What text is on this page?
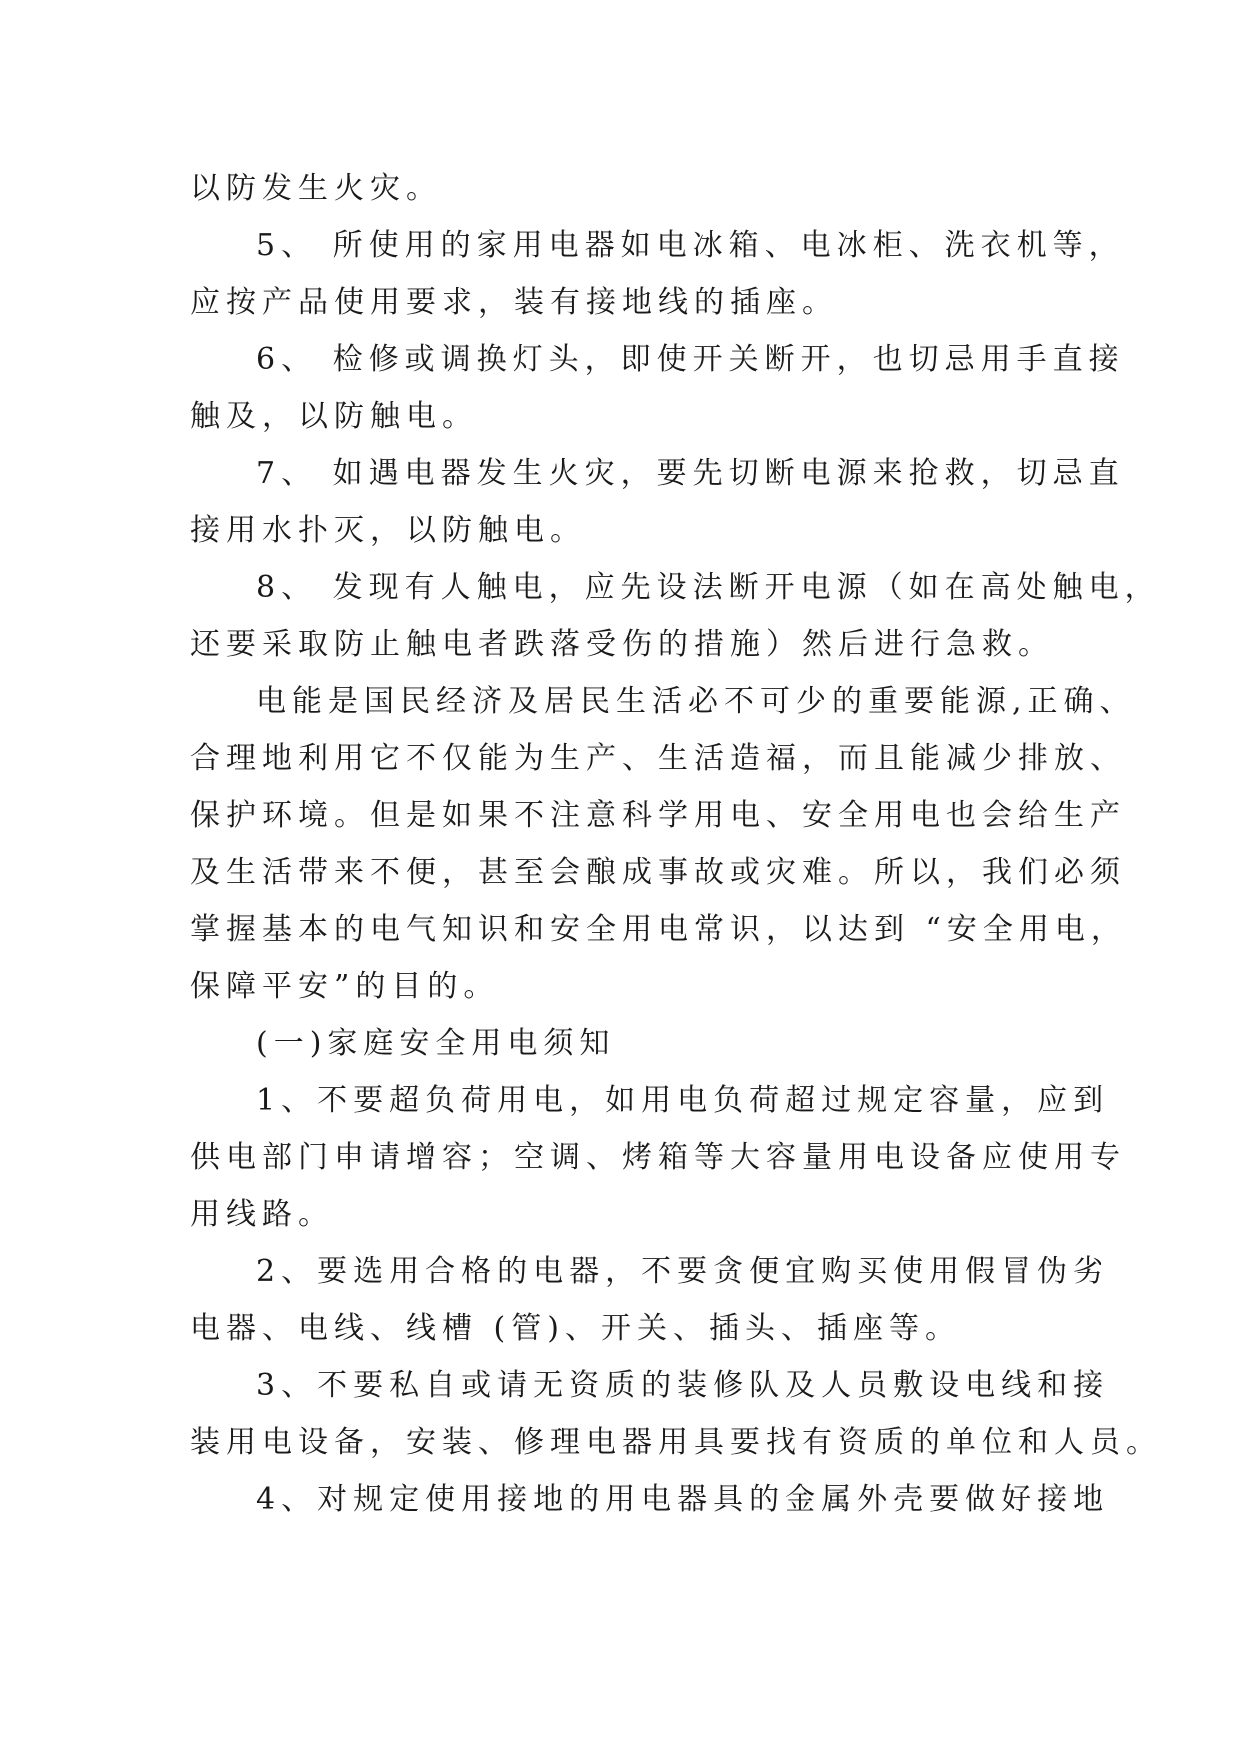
以防发生火灾。
5、 所使用的家用电器如电冰箱、电冰柜、洗衣机等，
应按产品使用要求，装有接地线的插座。
6、 检修或调换灯头，即使开关断开，也切忌用手直接
触及，以防触电。
7、 如遇电器发生火灾，要先切断电源来抢救，切忌直
接用水扑灭，以防触电。
8、 发现有人触电，应先设法断开电源（如在高处触电，
还要采取防止触电者跌落受伤的措施）然后进行急救。
电能是国民经济及居民生活必不可少的重要能源,正确、
合理地利用它不仅能为生产、生活造福，而且能减少排放、
保护环境。但是如果不注意科学用电、安全用电也会给生产
及生活带来不便，甚至会酿成事故或灾难。所以，我们必须
掌握基本的电气知识和安全用电常识，以达到 “安全用电，
保障平安”的目的。
(一)家庭安全用电须知
1、不要超负荷用电，如用电负荷超过规定容量，应到
供电部门申请增容；空调、烤箱等大容量用电设备应使用专
用线路。
2、要选用合格的电器，不要贪便宜购买使用假冒伪劣
电器、电线、线槽 (管)、开关、插头、插座等。
3、不要私自或请无资质的装修队及人员敷设电线和接
装用电设备，安装、修理电器用具要找有资质的单位和人员。
4、对规定使用接地的用电器具的金属外壳要做好接地
